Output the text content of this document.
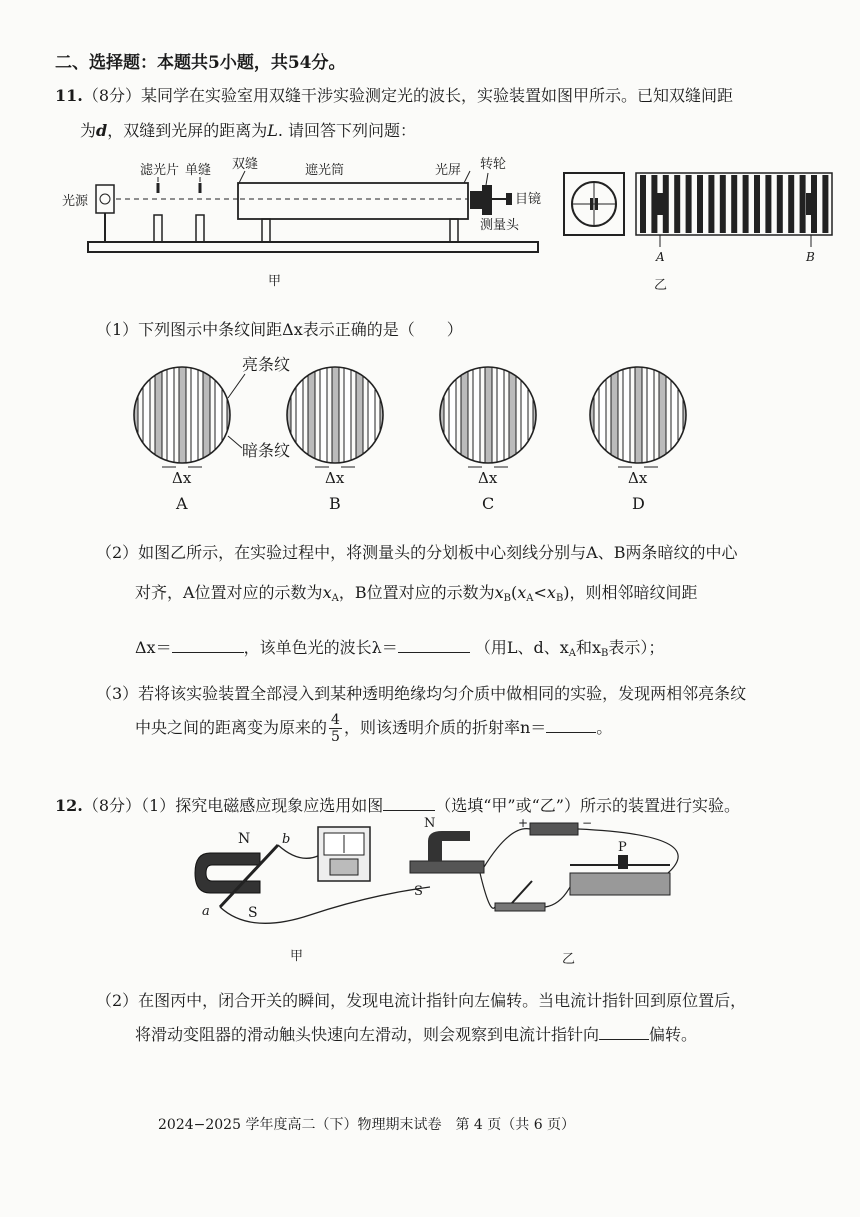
二、选择题：本题共5小题，共54分。
11.（8分）某同学在实验室用双缝干涉实验测定光的波长，实验装置如图甲所示。已知双缝间距
为d，双缝到光屏的距离为L. 请回答下列问题：
光源
滤光片 单缝 双缝	遮光筒	光屏 转轮
目镜
测量头
甲
A	B
乙
（1）下列图示中条纹间距Δx表示正确的是（　　）
Δx
A
Δx
B
Δx
C
Δx
D
亮条纹
暗条纹
（2）如图乙所示，在实验过程中，将测量头的分划板中心刻线分别与A、B两条暗纹的中心
对齐，A位置对应的示数为$x_A$，B位置对应的示数为$x_B(x_A<x_B)$，则相邻暗纹间距
Δx＝	，该单色光的波长λ＝	（用L、d、$x_A$和$x_B$表示）；
（3）若将该实验装置全部浸入到某种透明绝缘均匀介质中做相同的实验，发现两相邻亮条纹
中央之间的距离变为原来的 $\frac{4}{5}$ ，则该透明介质的折射率n＝	。
12.（8分）（1）探究电磁感应现象应选用如图	（选填“甲”或“乙”）所示的装置进行实验。
N
S
a
b
甲
N
S
+	−
P
乙
（2）在图丙中，闭合开关的瞬间，发现电流计指针向左偏转。当电流计指针回到原位置后，
将滑动变阻器的滑动触头快速向左滑动，则会观察到电流计指针向	偏转。
2024−2025 学年度高二（下）物理期末试卷　第 4 页（共 6 页）
